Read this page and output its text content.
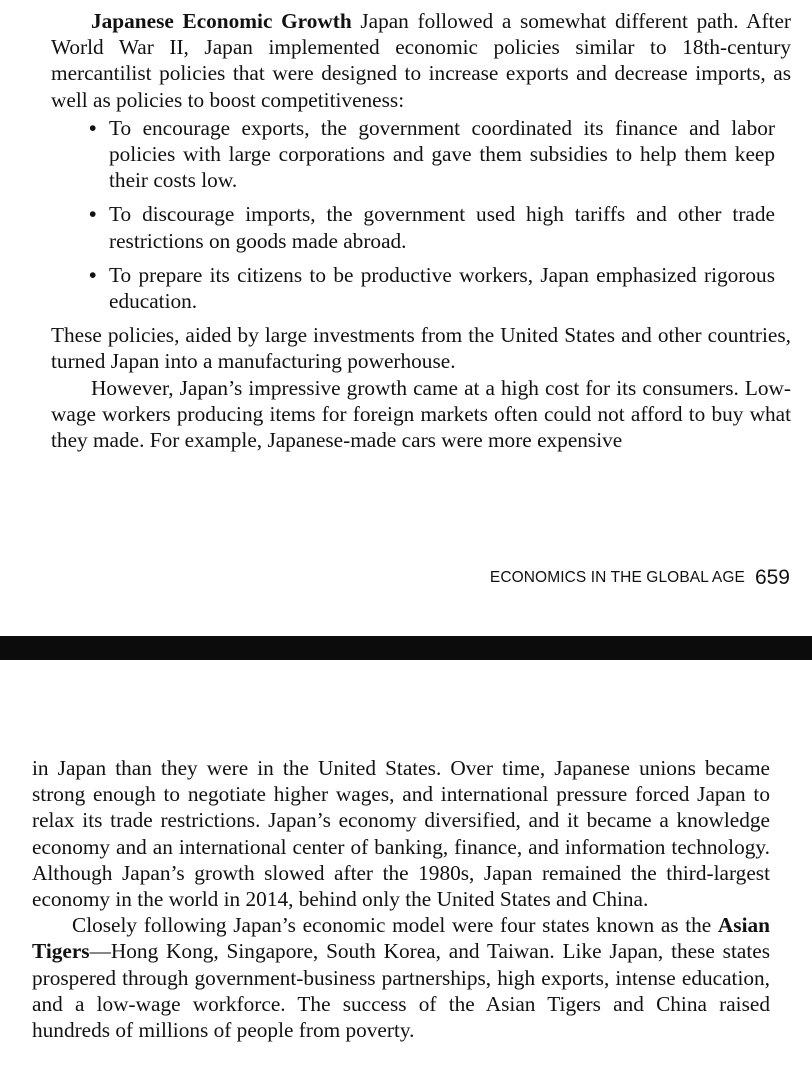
Japanese Economic Growth Japan followed a somewhat different path. After World War II, Japan implemented economic policies similar to 18th-century mercantilist policies that were designed to increase exports and decrease imports, as well as policies to boost competitiveness:

• To encourage exports, the government coordinated its finance and labor policies with large corporations and gave them subsidies to help them keep their costs low.
• To discourage imports, the government used high tariffs and other trade restrictions on goods made abroad.
• To prepare its citizens to be productive workers, Japan emphasized rigorous education.

These policies, aided by large investments from the United States and other countries, turned Japan into a manufacturing powerhouse.

However, Japan’s impressive growth came at a high cost for its consumers. Low-wage workers producing items for foreign markets often could not afford to buy what they made. For example, Japanese-made cars were more expensive

ECONOMICS IN THE GLOBAL AGE 659

in Japan than they were in the United States. Over time, Japanese unions became strong enough to negotiate higher wages, and international pressure forced Japan to relax its trade restrictions. Japan’s economy diversified, and it became a knowledge economy and an international center of banking, finance, and information technology. Although Japan’s growth slowed after the 1980s, Japan remained the third-largest economy in the world in 2014, behind only the United States and China.

Closely following Japan’s economic model were four states known as the Asian Tigers—Hong Kong, Singapore, South Korea, and Taiwan. Like Japan, these states prospered through government-business partnerships, high exports, intense education, and a low-wage workforce. The success of the Asian Tigers and China raised hundreds of millions of people from poverty.
